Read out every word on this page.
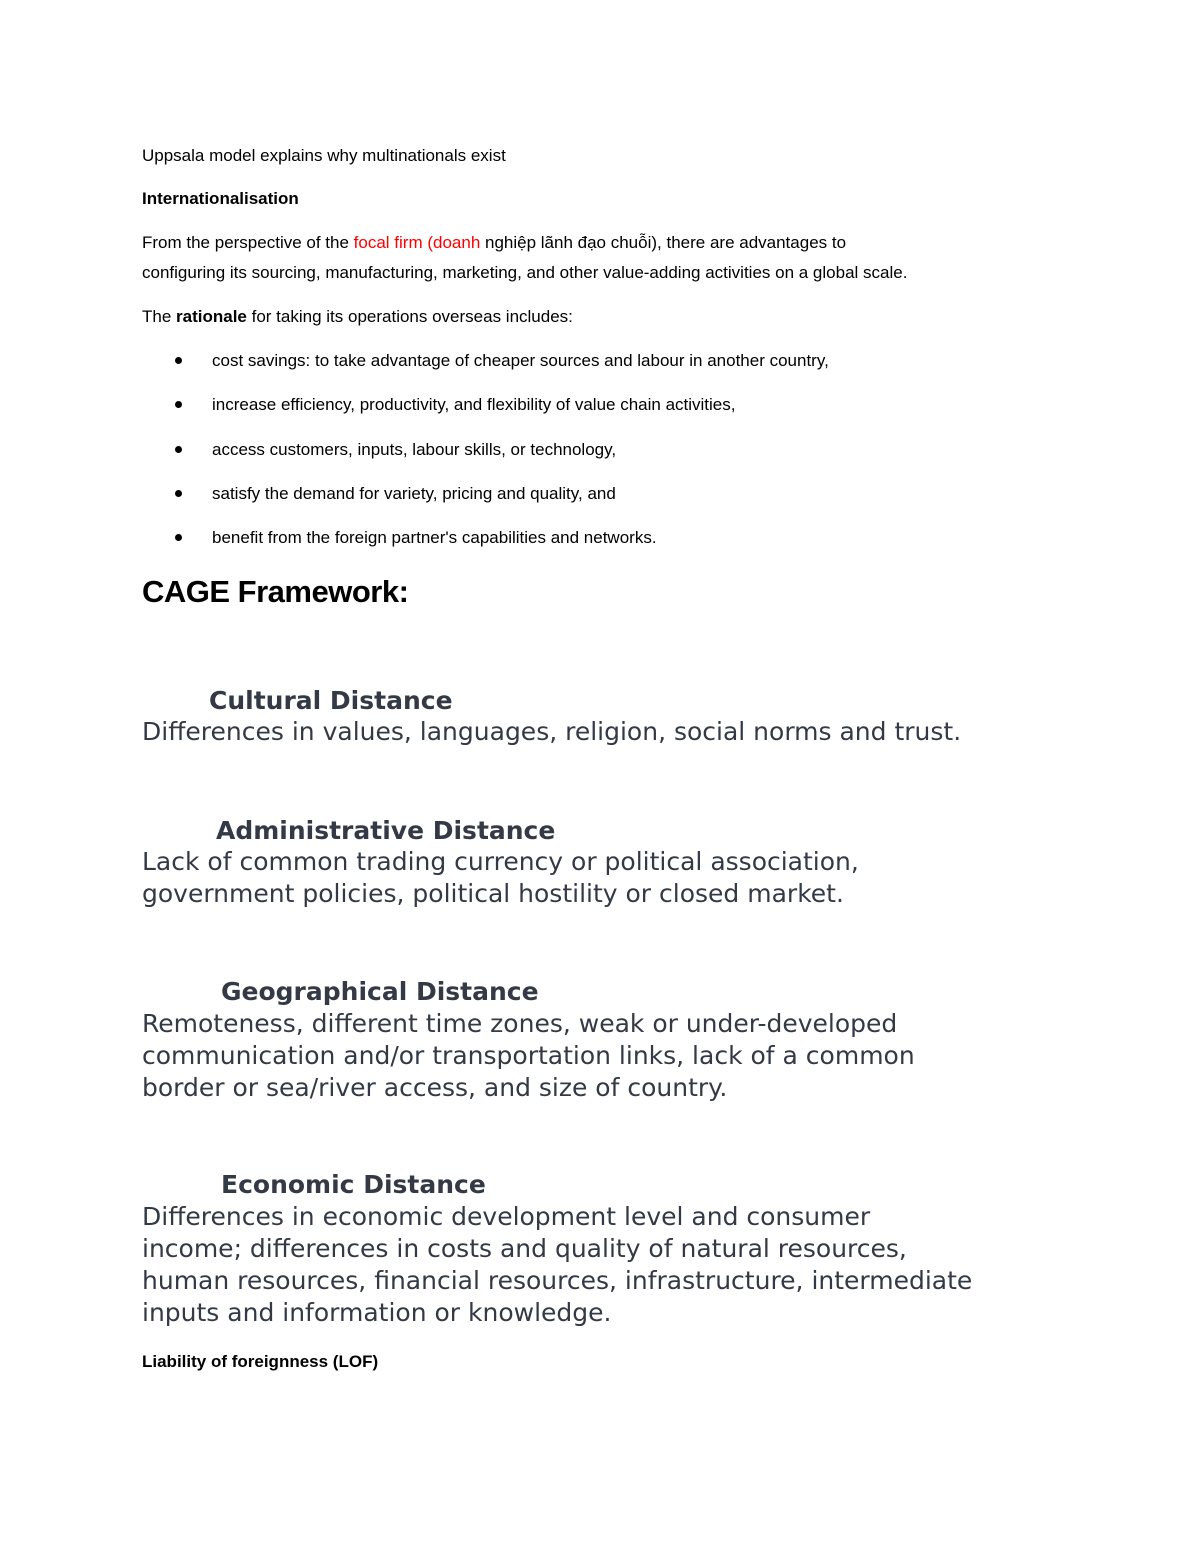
Uppsala model explains why multinationals exist
Internationalisation
From the perspective of the focal firm (doanh nghiệp lãnh đạo chuỗi), there are advantages to
configuring its sourcing, manufacturing, marketing, and other value-adding activities on a global scale.
The rationale for taking its operations overseas includes:
cost savings: to take advantage of cheaper sources and labour in another country,
increase efficiency, productivity, and flexibility of value chain activities,
access customers, inputs, labour skills, or technology,
satisfy the demand for variety, pricing and quality, and
benefit from the foreign partner's capabilities and networks.
CAGE Framework:
Cultural Distance
Differences in values, languages, religion, social norms and trust.
Administrative Distance
Lack of common trading currency or political association,
government policies, political hostility or closed market.
Geographical Distance
Remoteness, different time zones, weak or under-developed
communication and/or transportation links, lack of a common
border or sea/river access, and size of country.
Economic Distance
Differences in economic development level and consumer
income; differences in costs and quality of natural resources,
human resources, financial resources, infrastructure, intermediate
inputs and information or knowledge.
Liability of foreignness (LOF)
